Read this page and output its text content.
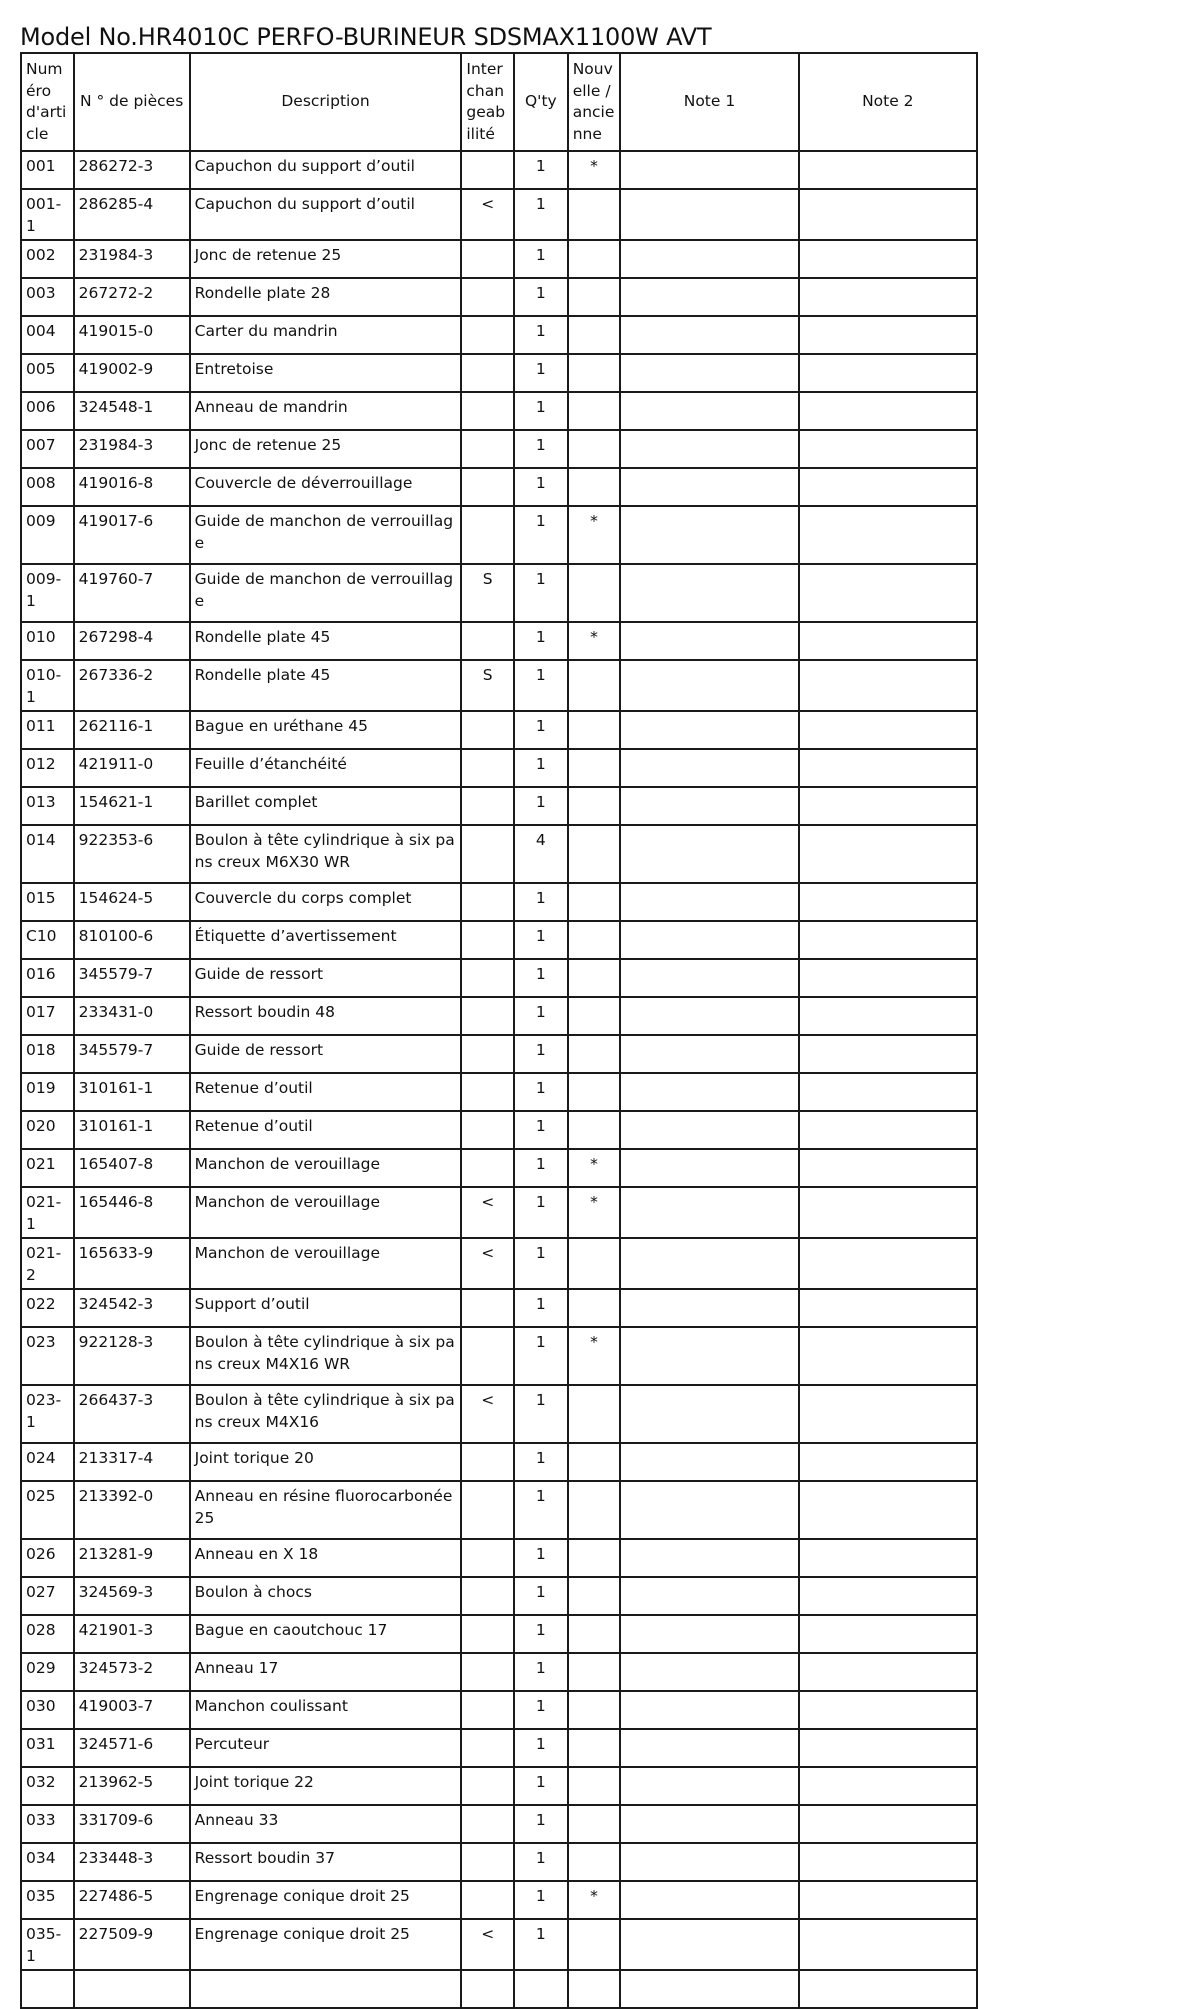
Model No.HR4010C PERFO-BURINEUR SDSMAX1100W AVT
Numéro d'article	N ° de pièces	Description	Interchangeabilité	Q'ty	Nouvelle / ancienne	Note 1	Note 2
001	286272-3	Capuchon du support d’outil		1	*		
001-1	286285-4	Capuchon du support d’outil	<	1			
002	231984-3	Jonc de retenue 25		1			
003	267272-2	Rondelle plate 28		1			
004	419015-0	Carter du mandrin		1			
005	419002-9	Entretoise		1			
006	324548-1	Anneau de mandrin		1			
007	231984-3	Jonc de retenue 25		1			
008	419016-8	Couvercle de déverrouillage		1			
009	419017-6	Guide de manchon de verrouillage		1	*		
009-1	419760-7	Guide de manchon de verrouillage	S	1			
010	267298-4	Rondelle plate 45		1	*		
010-1	267336-2	Rondelle plate 45	S	1			
011	262116-1	Bague en uréthane 45		1			
012	421911-0	Feuille d’étanchéité		1			
013	154621-1	Barillet complet		1			
014	922353-6	Boulon à tête cylindrique à six pans creux M6X30 WR		4			
015	154624-5	Couvercle du corps complet		1			
C10	810100-6	Étiquette d’avertissement		1			
016	345579-7	Guide de ressort		1			
017	233431-0	Ressort boudin 48		1			
018	345579-7	Guide de ressort		1			
019	310161-1	Retenue d’outil		1			
020	310161-1	Retenue d’outil		1			
021	165407-8	Manchon de verouillage		1	*		
021-1	165446-8	Manchon de verouillage	<	1	*		
021-2	165633-9	Manchon de verouillage	<	1			
022	324542-3	Support d’outil		1			
023	922128-3	Boulon à tête cylindrique à six pans creux M4X16 WR		1	*		
023-1	266437-3	Boulon à tête cylindrique à six pans creux M4X16	<	1			
024	213317-4	Joint torique 20		1			
025	213392-0	Anneau en résine fluorocarbonée 25		1			
026	213281-9	Anneau en X 18		1			
027	324569-3	Boulon à chocs		1			
028	421901-3	Bague en caoutchouc 17		1			
029	324573-2	Anneau 17		1			
030	419003-7	Manchon coulissant		1			
031	324571-6	Percuteur		1			
032	213962-5	Joint torique 22		1			
033	331709-6	Anneau 33		1			
034	233448-3	Ressort boudin 37		1			
035	227486-5	Engrenage conique droit 25		1	*		
035-1	227509-9	Engrenage conique droit 25	<	1			
